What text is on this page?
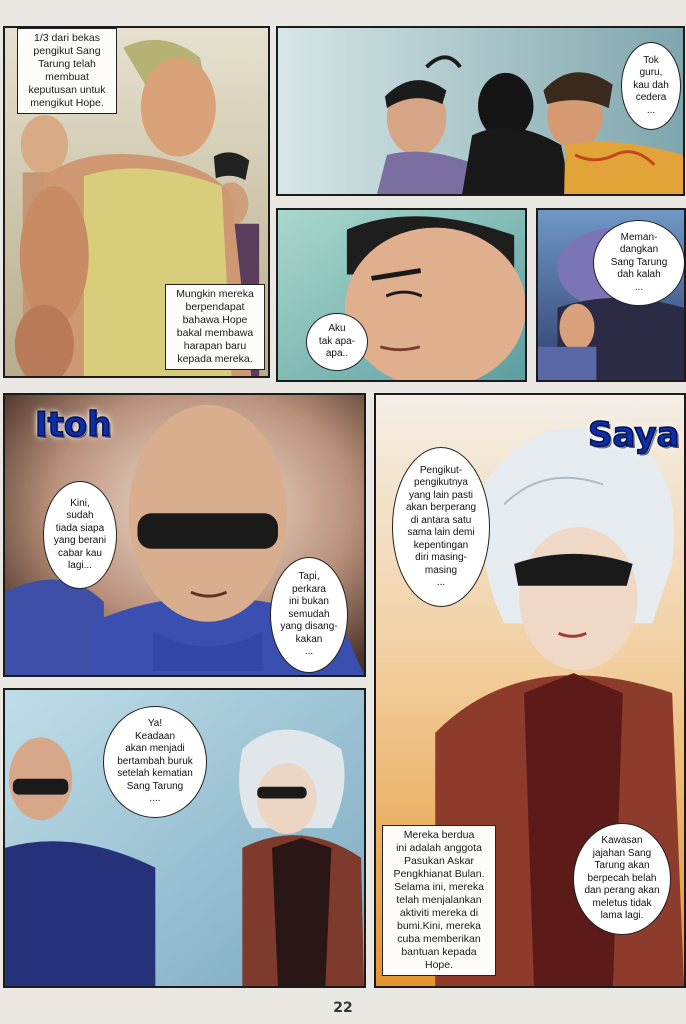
1/3 dari bekas
pengikut Sang
Tarung telah
membuat
keputusan untuk
mengikut Hope.
Mungkin mereka
berpendapat
bahawa Hope
bakal membawa
harapan baru
kepada mereka.
Tok
guru,
kau dah
cedera
...
Aku
tak apa-
apa..
Meman-
dangkan
Sang Tarung
dah kalah
...
Itoh
Kini,
sudah
tiada siapa
yang berani
cabar kau
lagi...
Tapi,
perkara
ini bukan
semudah
yang disang-
kakan
...
Saya
Pengikut-
pengikutnya
yang lain pasti
akan berperang
di antara satu
sama lain demi
kepentingan
diri masing-
masing
...
Mereka berdua
ini adalah anggota
Pasukan Askar
Pengkhianat Bulan.
Selama ini, mereka
telah menjalankan
aktiviti mereka di
bumi.Kini, mereka
cuba memberikan
bantuan kepada
Hope.
Kawasan
jajahan Sang
Tarung akan
berpecah belah
dan perang akan
meletus tidak
lama lagi.
Ya!
Keadaan
akan menjadi
bertambah buruk
setelah kematian
Sang Tarung
....
22
